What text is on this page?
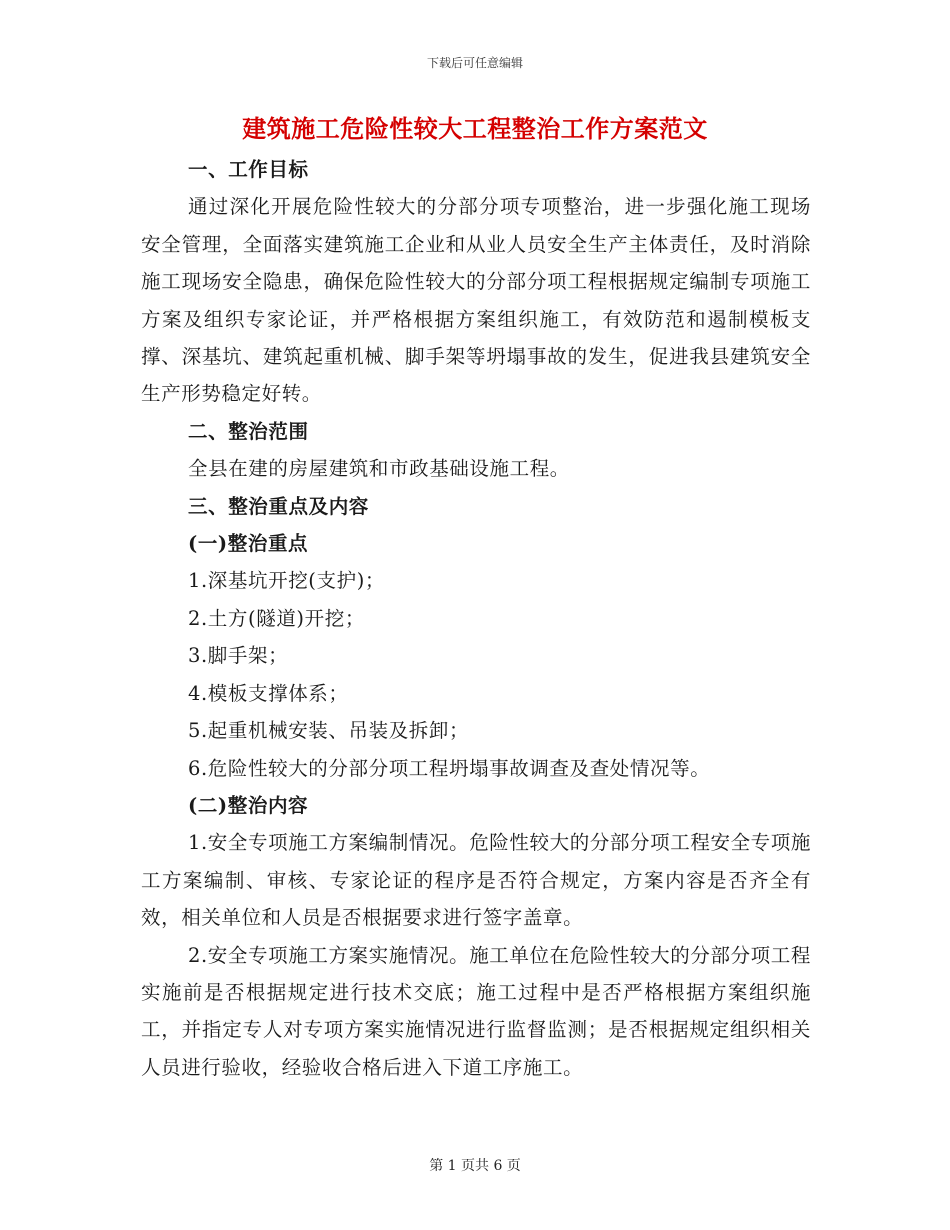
下载后可任意编辑
建筑施工危险性较大工程整治工作方案范文

一、工作目标

通过深化开展危险性较大的分部分项专项整治，进一步强化施工现场安全管理，全面落实建筑施工企业和从业人员安全生产主体责任，及时消除施工现场安全隐患，确保危险性较大的分部分项工程根据规定编制专项施工方案及组织专家论证，并严格根据方案组织施工，有效防范和遏制模板支撑、深基坑、建筑起重机械、脚手架等坍塌事故的发生，促进我县建筑安全生产形势稳定好转。

二、整治范围

全县在建的房屋建筑和市政基础设施工程。

三、整治重点及内容

(一)整治重点

1.深基坑开挖(支护)；

2.土方(隧道)开挖；

3.脚手架；

4.模板支撑体系；

5.起重机械安装、吊装及拆卸；

6.危险性较大的分部分项工程坍塌事故调查及查处情况等。

(二)整治内容

1.安全专项施工方案编制情况。危险性较大的分部分项工程安全专项施工方案编制、审核、专家论证的程序是否符合规定，方案内容是否齐全有效，相关单位和人员是否根据要求进行签字盖章。

2.安全专项施工方案实施情况。施工单位在危险性较大的分部分项工程实施前是否根据规定进行技术交底；施工过程中是否严格根据方案组织施工，并指定专人对专项方案实施情况进行监督监测；是否根据规定组织相关人员进行验收，经验收合格后进入下道工序施工。

第 1 页共 6 页
